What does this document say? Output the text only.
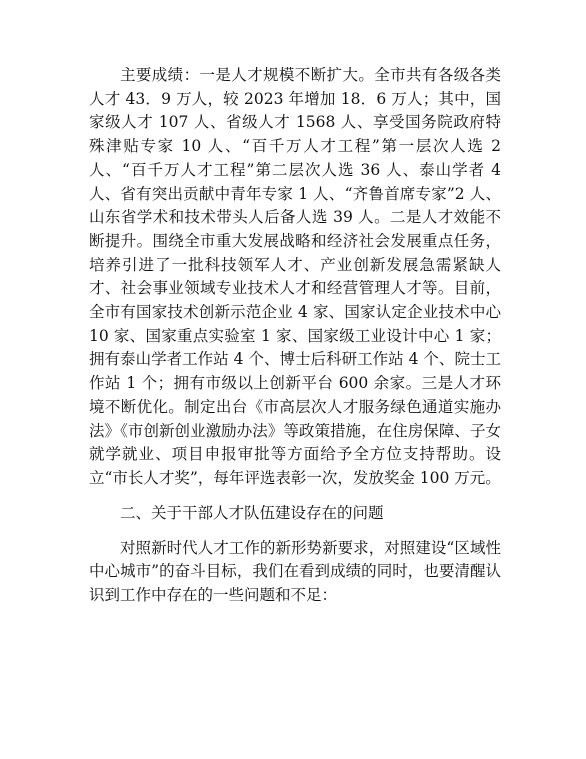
主要成绩：一是人才规模不断扩大。全市共有各级各类人才 43．9 万人，较 2023 年增加 18．6 万人；其中，国家级人才 107 人、省级人才 1568 人、享受国务院政府特殊津贴专家 10 人、“百千万人才工程”第一层次人选 2 人、“百千万人才工程”第二层次人选 36 人、泰山学者 4 人、省有突出贡献中青年专家 1 人、“齐鲁首席专家”2 人、山东省学术和技术带头人后备人选 39 人。二是人才效能不断提升。围绕全市重大发展战略和经济社会发展重点任务，培养引进了一批科技领军人才、产业创新发展急需紧缺人才、社会事业领域专业技术人才和经营管理人才等。目前，全市有国家技术创新示范企业 4 家、国家认定企业技术中心 10 家、国家重点实验室 1 家、国家级工业设计中心 1 家；拥有泰山学者工作站 4 个、博士后科研工作站 4 个、院士工作站 1 个；拥有市级以上创新平台 600 余家。三是人才环境不断优化。制定出台《市高层次人才服务绿色通道实施办法》《市创新创业激励办法》等政策措施，在住房保障、子女就学就业、项目申报审批等方面给予全方位支持帮助。设立“市长人才奖”，每年评选表彰一次，发放奖金 100 万元。

二、关于干部人才队伍建设存在的问题

对照新时代人才工作的新形势新要求，对照建设“区域性中心城市”的奋斗目标，我们在看到成绩的同时，也要清醒认识到工作中存在的一些问题和不足：
